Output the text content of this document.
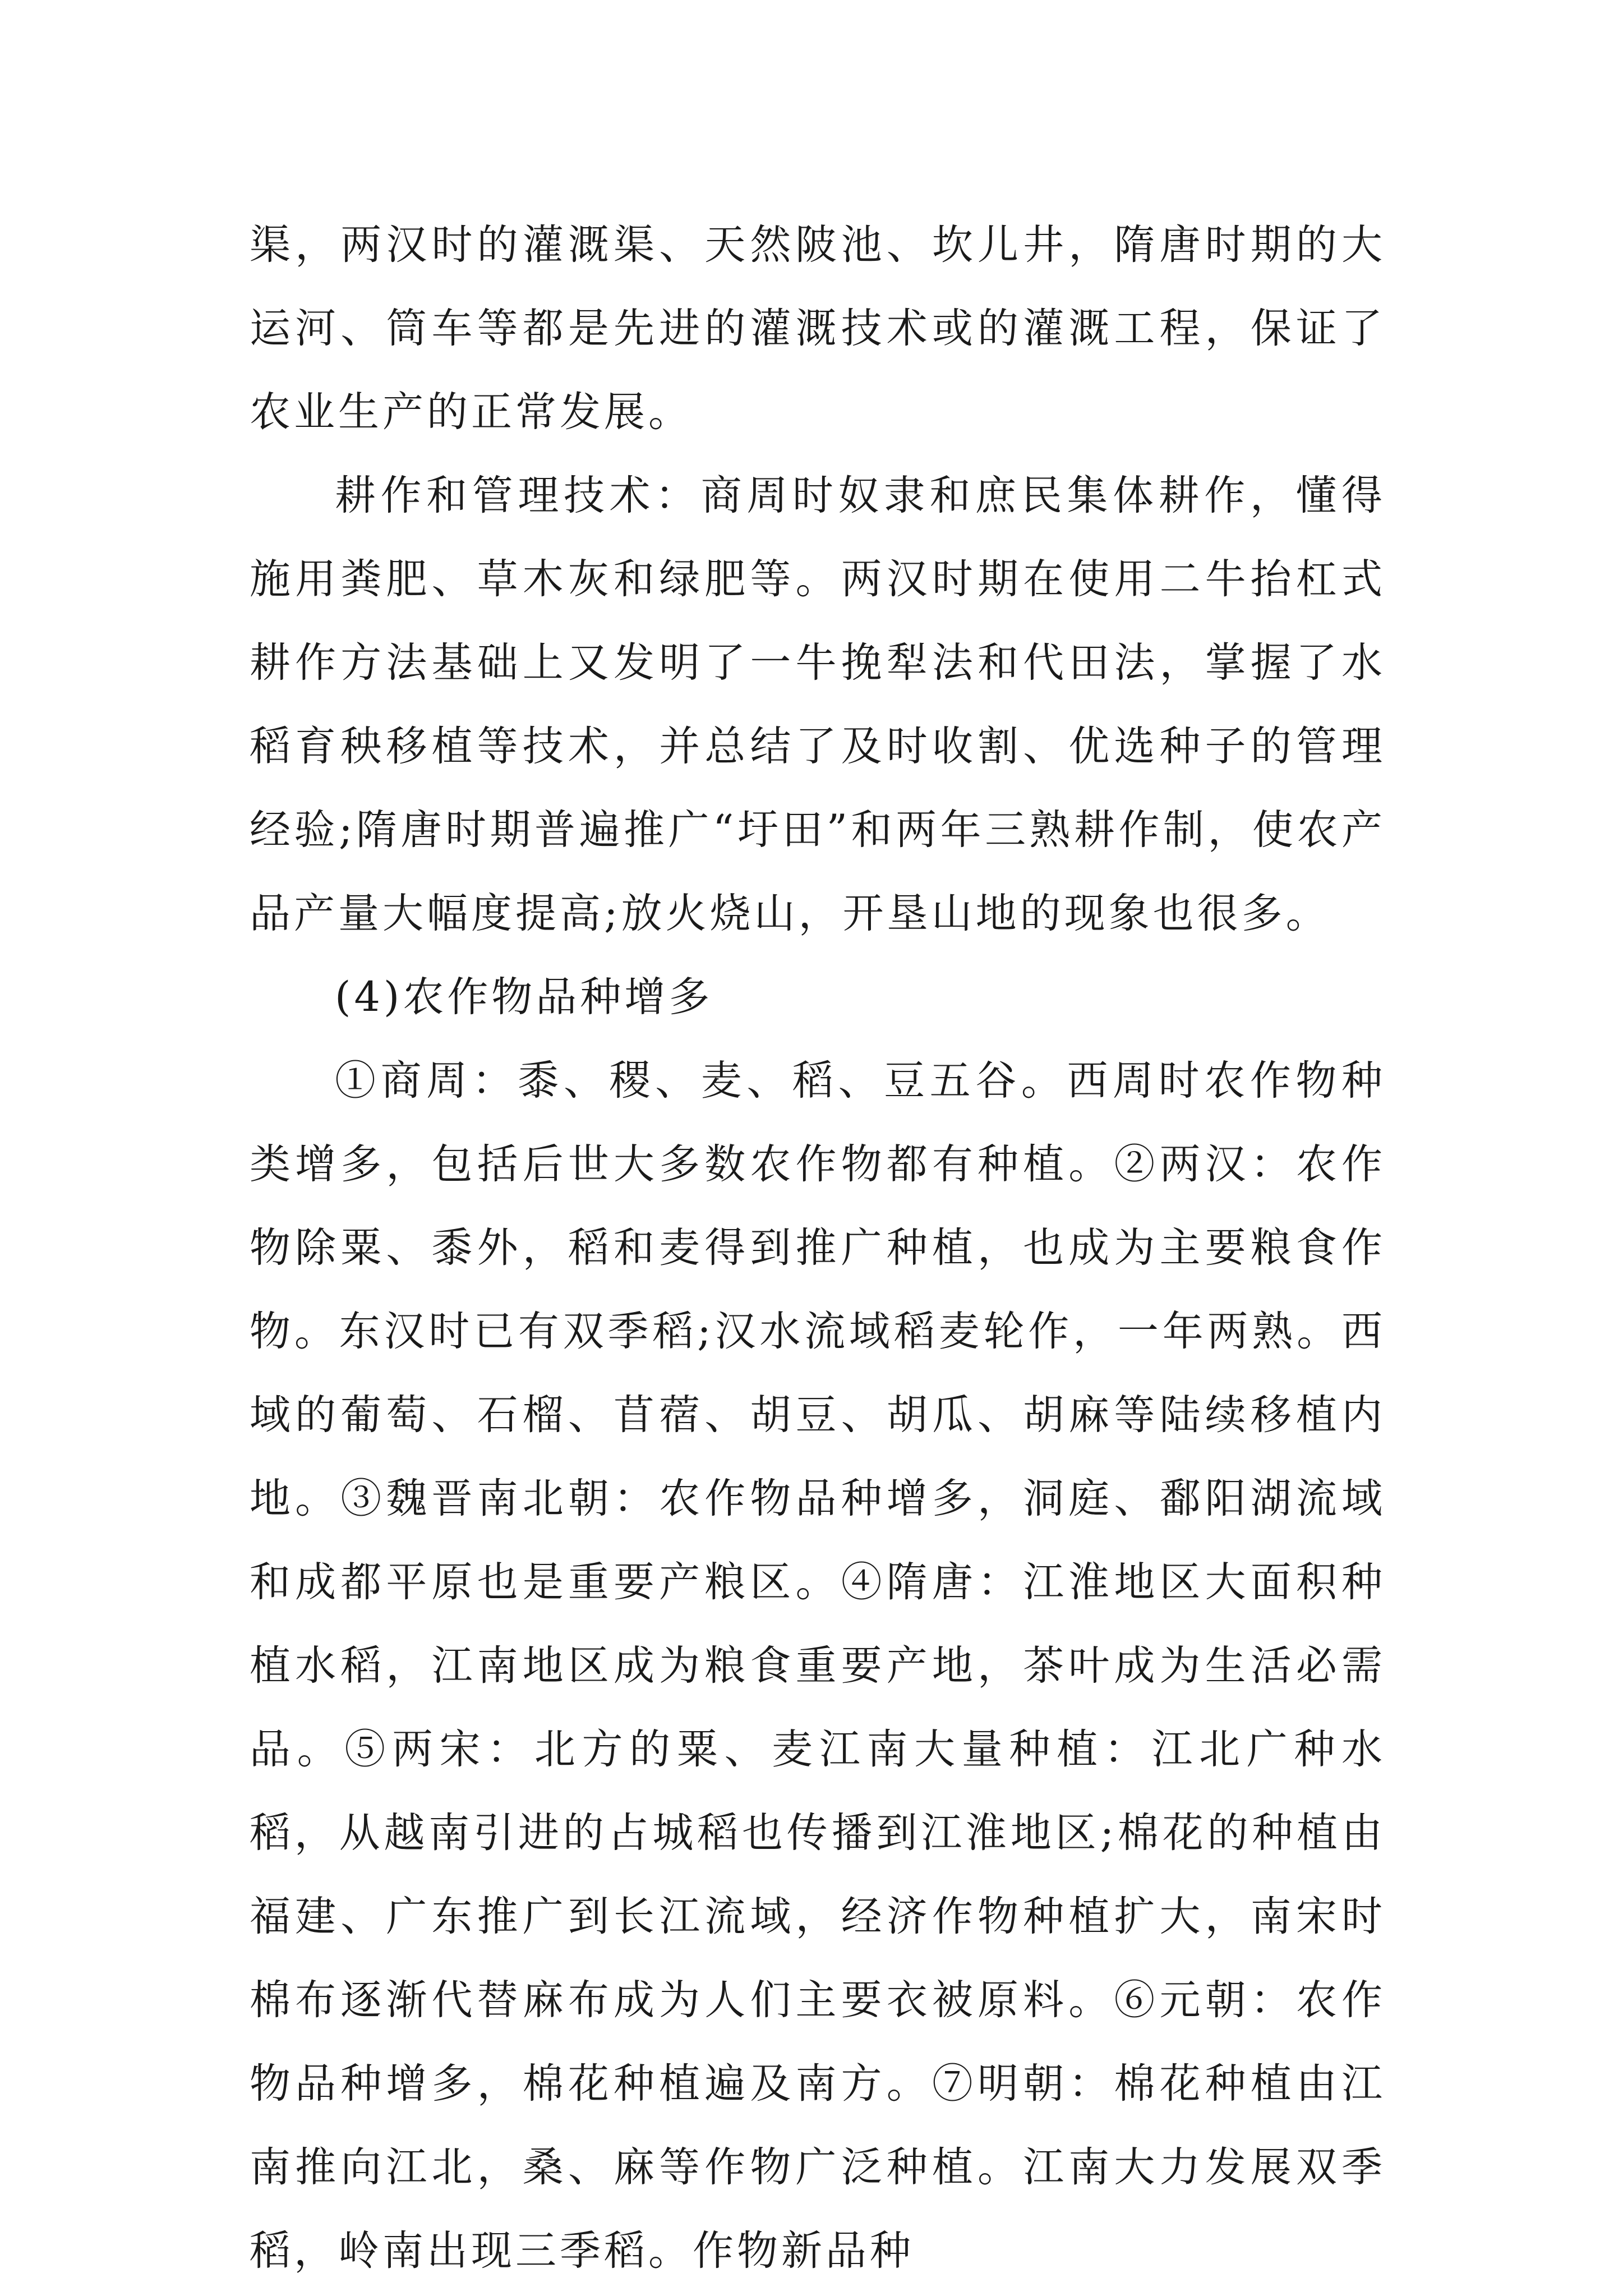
渠，两汉时的灌溉渠、天然陂池、坎儿井，隋唐时期的大运河、筒车等都是先进的灌溉技术或的灌溉工程，保证了农业生产的正常发展。

耕作和管理技术：商周时奴隶和庶民集体耕作，懂得施用粪肥、草木灰和绿肥等。两汉时期在使用二牛抬杠式耕作方法基础上又发明了一牛挽犁法和代田法，掌握了水稻育秧移植等技术，并总结了及时收割、优选种子的管理经验;隋唐时期普遍推广“圩田”和两年三熟耕作制，使农产品产量大幅度提高;放火烧山，开垦山地的现象也很多。

(4)农作物品种增多

①商周：黍、稷、麦、稻、豆五谷。西周时农作物种类增多，包括后世大多数农作物都有种植。②两汉：农作物除粟、黍外，稻和麦得到推广种植，也成为主要粮食作物。东汉时已有双季稻;汉水流域稻麦轮作，一年两熟。西域的葡萄、石榴、苜蓿、胡豆、胡瓜、胡麻等陆续移植内地。③魏晋南北朝：农作物品种增多，洞庭、鄱阳湖流域和成都平原也是重要产粮区。④隋唐：江淮地区大面积种植水稻，江南地区成为粮食重要产地，茶叶成为生活必需品。⑤两宋：北方的粟、麦江南大量种植：江北广种水稻，从越南引进的占城稻也传播到江淮地区;棉花的种植由福建、广东推广到长江流域，经济作物种植扩大，南宋时棉布逐渐代替麻布成为人们主要衣被原料。⑥元朝：农作物品种增多，棉花种植遍及南方。⑦明朝：棉花种植由江南推向江北，桑、麻等作物广泛种植。江南大力发展双季稻，岭南出现三季稻。作物新品种
